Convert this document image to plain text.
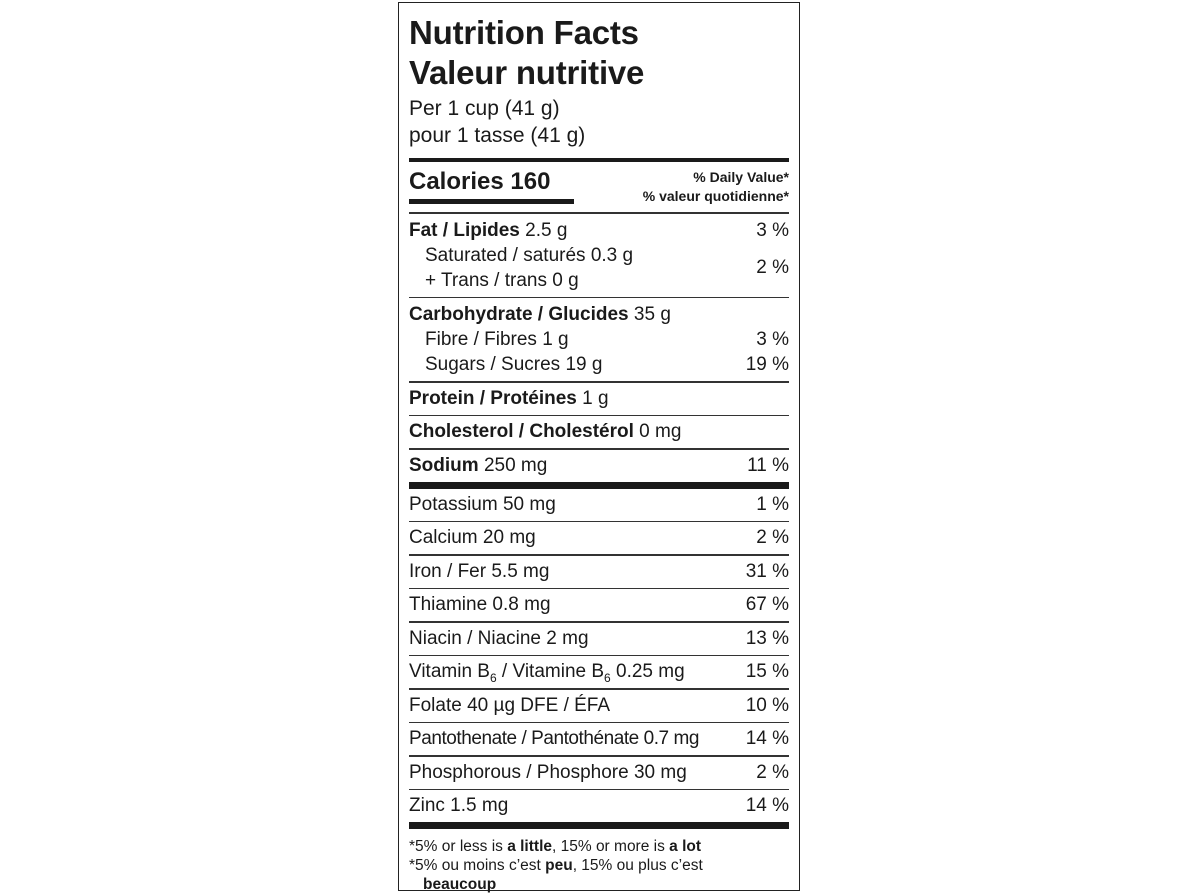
Nutrition Facts
Valeur nutritive
Per 1 cup (41 g)
pour 1 tasse (41 g)
Calories 160	% Daily Value*
% valeur quotidienne*
Fat / Lipides 2.5 g	3 %
Saturated / saturés 0.3 g
+ Trans / trans 0 g
2 %
Carbohydrate / Glucides 35 g
Fibre / Fibres 1 g	3 %
Sugars / Sucres 19 g	19 %
Protein / Protéines 1 g
Cholesterol / Cholestérol 0 mg
Sodium 250 mg	11 %
Potassium 50 mg	1 %
Calcium 20 mg	2 %
Iron / Fer 5.5 mg	31 %
Thiamine 0.8 mg	67 %
Niacin / Niacine 2 mg	13 %
Vitamin $B_6$ / Vitamine $B_6$ 0.25 mg	15 %
Folate 40 µg DFE / ÉFA	10 %
Pantothenate / Pantothénate 0.7 mg 14 %
Phosphorous / Phosphore 30 mg	2 %
Zinc 1.5 mg	14 %
*5% or less is a little, 15% or more is a lot
*5% ou moins c’est peu, 15% ou plus c’est
beaucoup
